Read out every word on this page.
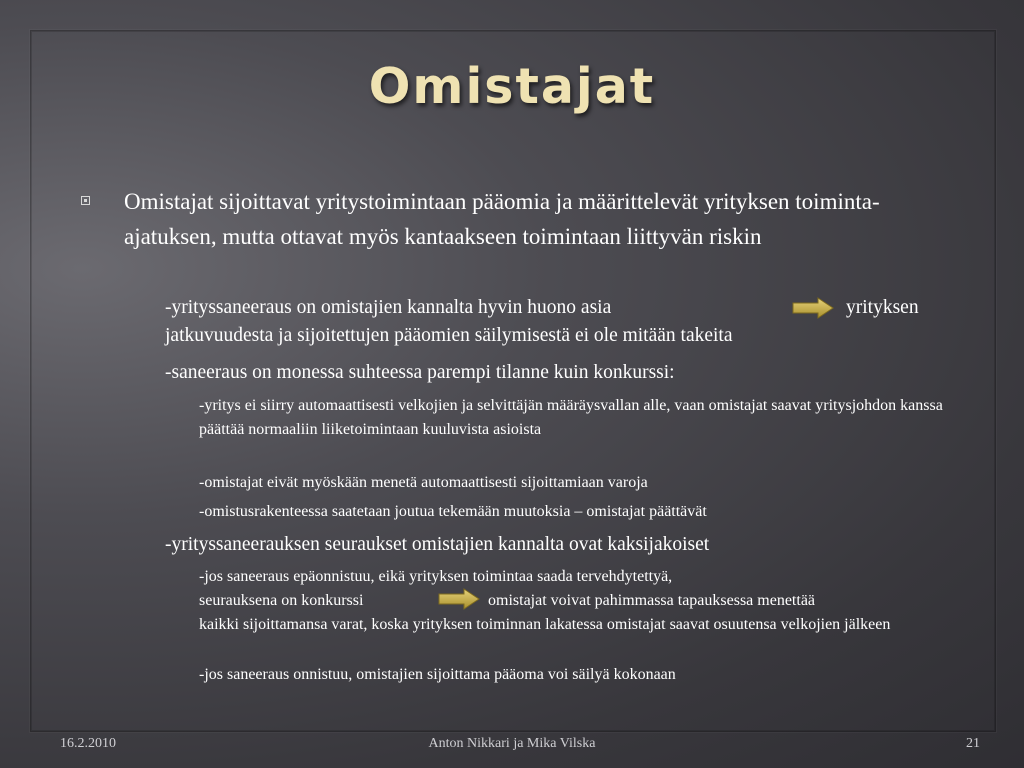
Omistajat
Omistajat sijoittavat yritystoimintaan pääomia ja määrittelevät yrityksen toiminta-ajatuksen, mutta ottavat myös kantaakseen toimintaan liittyvän riskin
-yrityssaneeraus on omistajien kannalta hyvin huono asia	yrityksen
jatkuvuudesta ja sijoitettujen pääomien säilymisestä ei ole mitään takeita
-saneeraus on monessa suhteessa parempi tilanne kuin konkurssi:
-yritys ei siirry automaattisesti velkojien ja selvittäjän määräysvallan alle, vaan omistajat saavat yritysjohdon kanssa päättää normaaliin liiketoimintaan kuuluvista asioista
-omistajat eivät myöskään menetä automaattisesti sijoittamiaan varoja
-omistusrakenteessa saatetaan joutua tekemään muutoksia – omistajat päättävät
-yrityssaneerauksen seuraukset omistajien kannalta ovat kaksijakoiset
-jos saneeraus epäonnistuu, eikä yrityksen toimintaa saada tervehdytettyä,
seurauksena on konkurssi	omistajat voivat pahimmassa tapauksessa menettää
kaikki sijoittamansa varat, koska yrityksen toiminnan lakatessa omistajat saavat osuutensa velkojien jälkeen
-jos saneeraus onnistuu, omistajien sijoittama pääoma voi säilyä kokonaan
16.2.2010	Anton Nikkari ja Mika Vilska	21
